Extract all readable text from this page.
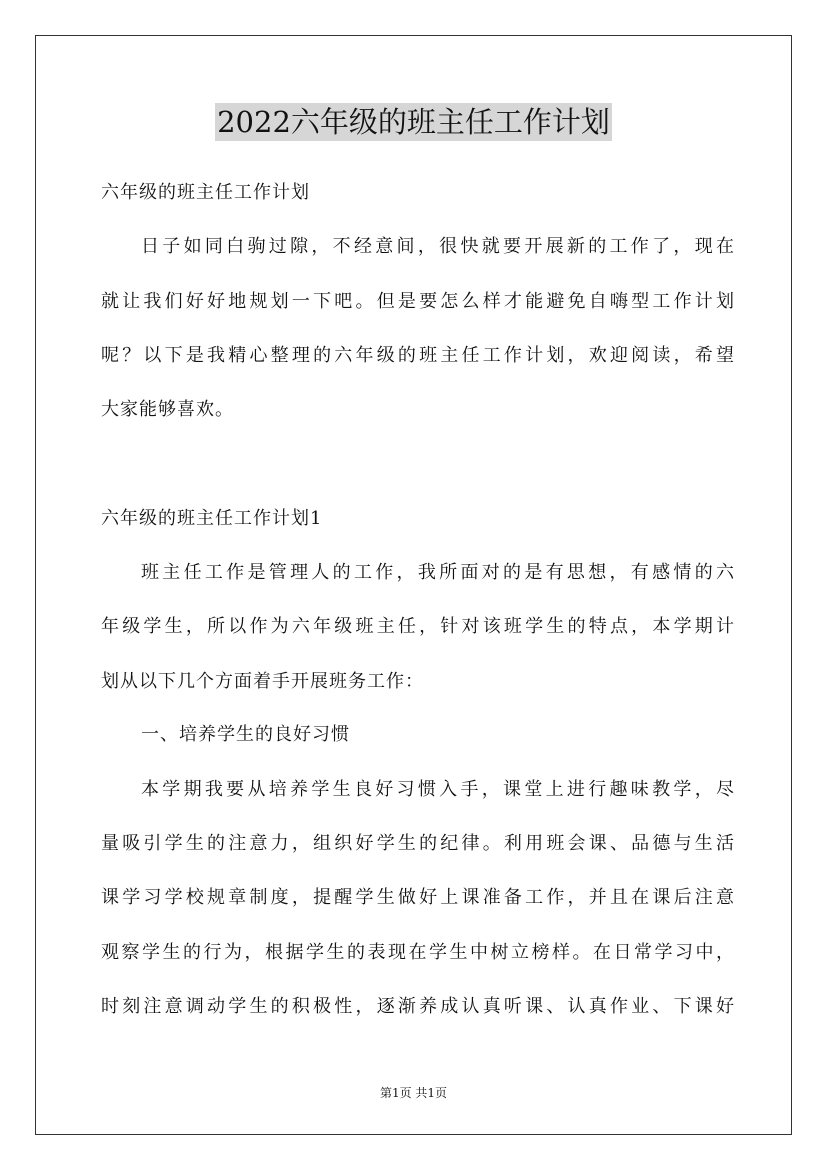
2022六年级的班主任工作计划
六年级的班主任工作计划
日子如同白驹过隙，不经意间，很快就要开展新的工作了，现在
就让我们好好地规划一下吧。但是要怎么样才能避免自嗨型工作计划
呢？以下是我精心整理的六年级的班主任工作计划，欢迎阅读，希望
大家能够喜欢。
六年级的班主任工作计划1
班主任工作是管理人的工作，我所面对的是有思想，有感情的六
年级学生，所以作为六年级班主任，针对该班学生的特点，本学期计
划从以下几个方面着手开展班务工作：
一、培养学生的良好习惯
本学期我要从培养学生良好习惯入手，课堂上进行趣味教学，尽
量吸引学生的注意力，组织好学生的纪律。利用班会课、品德与生活
课学习学校规章制度，提醒学生做好上课准备工作，并且在课后注意
观察学生的行为，根据学生的表现在学生中树立榜样。在日常学习中，
时刻注意调动学生的积极性，逐渐养成认真听课、认真作业、下课好
第1页 共1页
